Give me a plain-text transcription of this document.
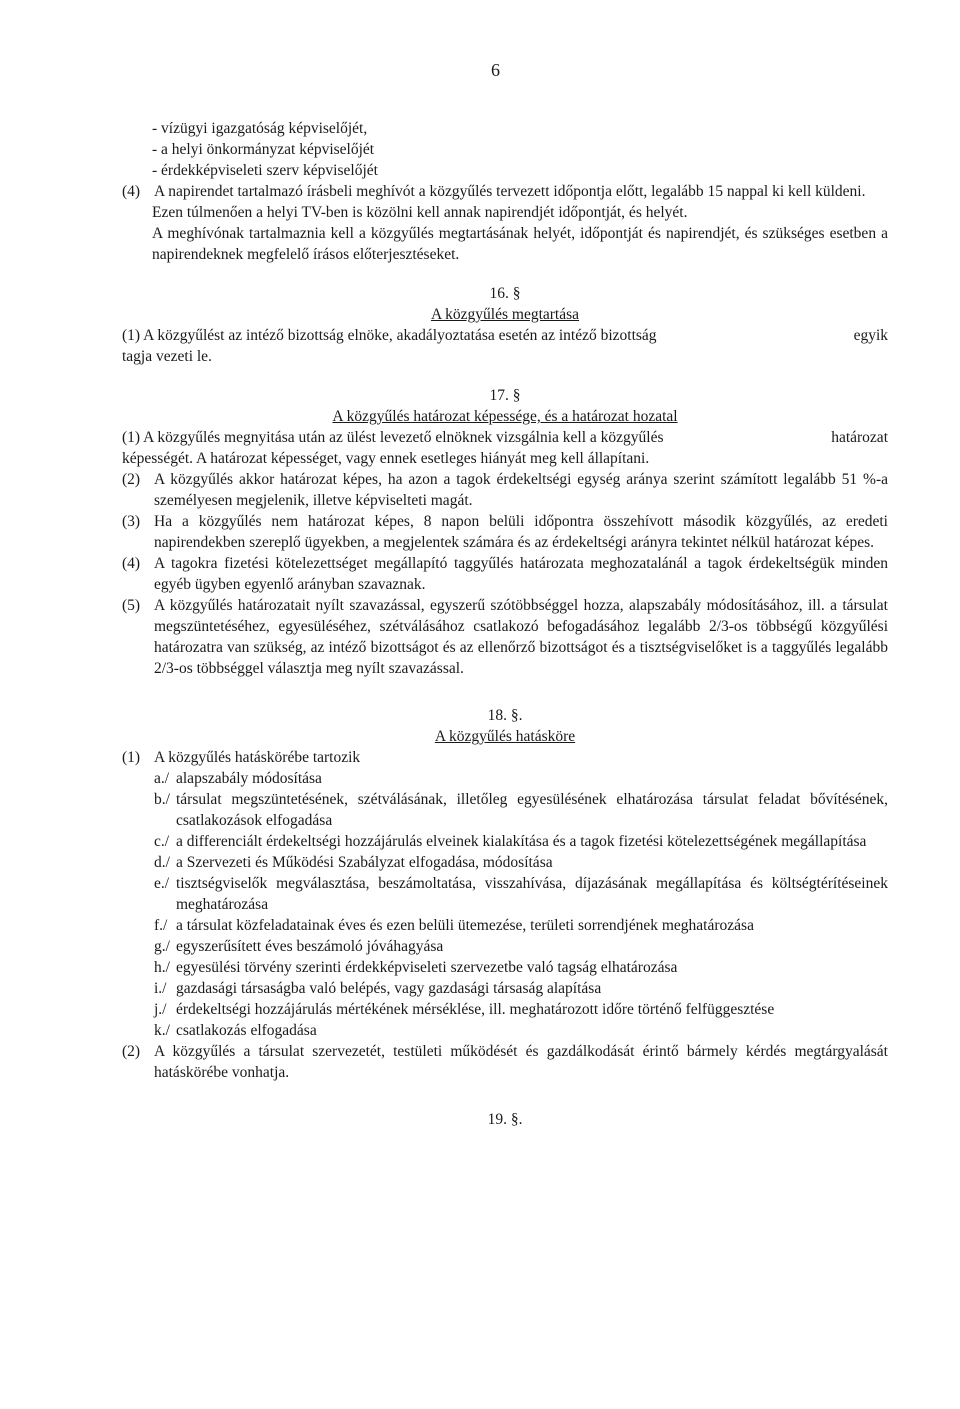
6
- vízügyi igazgatóság képviselőjét,
- a helyi önkormányzat képviselőjét
- érdekképviseleti szerv képviselőjét
(4) A napirendet tartalmazó írásbeli meghívót a közgyűlés tervezett időpontja előtt, legalább 15 nappal ki kell küldeni.
Ezen túlmenően a helyi TV-ben is közölni kell annak napirendjét időpontját, és helyét.
A meghívónak tartalmaznia kell a közgyűlés megtartásának helyét, időpontját és napirendjét, és szükséges esetben a napirendeknek megfelelő írásos előterjesztéseket.
16. §
A közgyűlés megtartása
(1) A közgyűlést az intéző bizottság elnöke, akadályoztatása esetén az intéző bizottság	egyik
tagja vezeti le.
17. §
A közgyűlés határozat képessége, és a határozat hozatal
(1) A közgyűlés megnyitása után az ülést levezető elnöknek vizsgálnia kell a közgyűlés	határozat
képességét. A határozat képességet, vagy ennek esetleges hiányát meg kell állapítani.
(2) A közgyűlés akkor határozat képes, ha azon a tagok érdekeltségi egység aránya szerint számított legalább 51 %-a személyesen megjelenik, illetve képviselteti magát.
(3) Ha a közgyűlés nem határozat képes, 8 napon belüli időpontra összehívott második közgyűlés, az eredeti napirendekben szereplő ügyekben, a megjelentek számára és az érdekeltségi arányra tekintet nélkül határozat képes.
(4) A tagokra fizetési kötelezettséget megállapító taggyűlés határozata meghozatalánál a tagok érdekeltségük minden egyéb ügyben egyenlő arányban szavaznak.
(5) A közgyűlés határozatait nyílt szavazással, egyszerű szótöbbséggel hozza, alapszabály módosításához, ill. a társulat megszüntetéséhez, egyesüléséhez, szétválásához csatlakozó befogadásához legalább 2/3-os többségű közgyűlési határozatra van szükség, az intéző bizottságot és az ellenőrző bizottságot és a tisztségviselőket is a taggyűlés legalább 2/3-os többséggel választja meg nyílt szavazással.
18. §.
A közgyűlés hatásköre
(1) A közgyűlés hatáskörébe tartozik
a./ alapszabály módosítása
b./ társulat megszüntetésének, szétválásának, illetőleg egyesülésének elhatározása társulat feladat bővítésének, csatlakozások elfogadása
c./ a differenciált érdekeltségi hozzájárulás elveinek kialakítása és a tagok fizetési kötelezettségének megállapítása
d./ a Szervezeti és Működési Szabályzat elfogadása, módosítása
e./ tisztségviselők megválasztása, beszámoltatása, visszahívása, díjazásának megállapítása és költségtérítéseinek meghatározása
f./ a társulat közfeladatainak éves és ezen belüli ütemezése, területi sorrendjének meghatározása
g./ egyszerűsített éves beszámoló jóváhagyása
h./ egyesülési törvény szerinti érdekképviseleti szervezetbe való tagság elhatározása
i./ gazdasági társaságba való belépés, vagy gazdasági társaság alapítása
j./ érdekeltségi hozzájárulás mértékének mérséklése, ill. meghatározott időre történő felfüggesztése
k./ csatlakozás elfogadása
(2) A közgyűlés a társulat szervezetét, testületi működését és gazdálkodását érintő bármely kérdés megtárgyalását hatáskörébe vonhatja.
19. §.
